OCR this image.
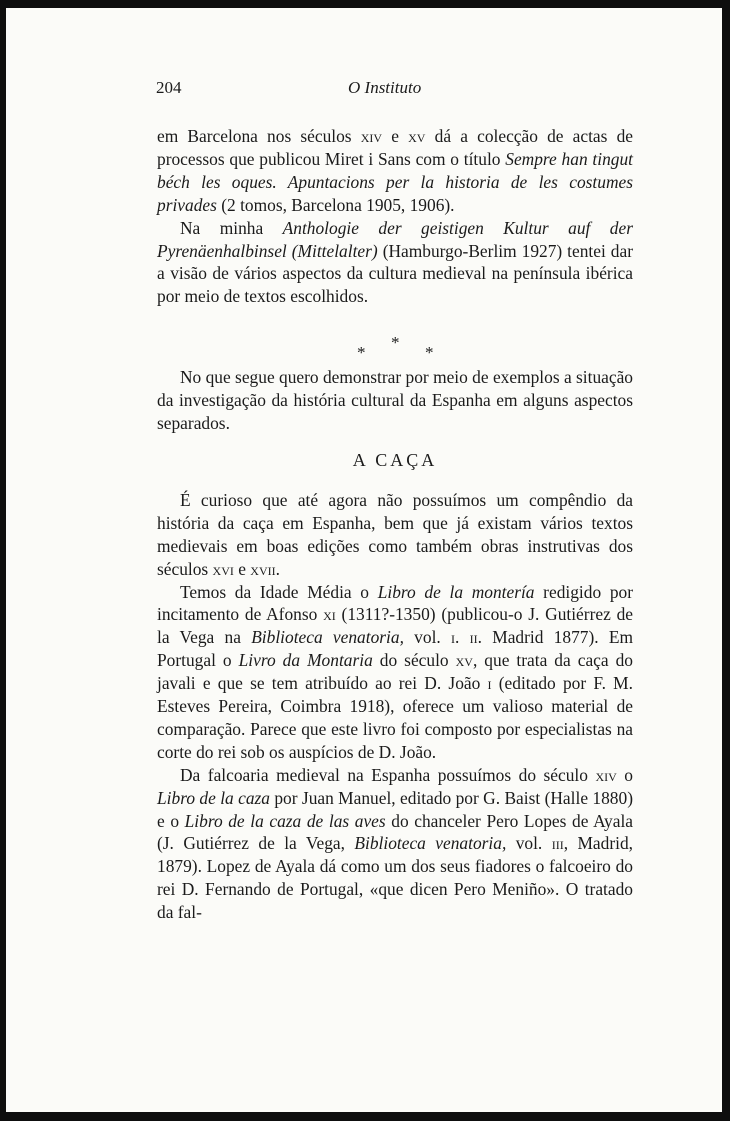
204	O Instituto

em Barcelona nos séculos xiv e xv dá a colecção de actas de processos que publicou Miret i Sans com o título Sempre han tingut béch les oques. Apuntacions per la historia de les costumes privades (2 tomos, Barcelona 1905, 1906).

Na minha Anthologie der geistigen Kultur auf der Pyrenäenhalbinsel (Mittelalter) (Hamburgo-Berlim 1927) tentei dar a visão de vários aspectos da cultura medieval na península ibérica por meio de textos escolhidos.

*
*	*

No que segue quero demonstrar por meio de exemplos a situação da investigação da história cultural da Espanha em alguns aspectos separados.

A CAÇA

É curioso que até agora não possuímos um compêndio da história da caça em Espanha, bem que já existam vários textos medievais em boas edições como também obras instrutivas dos séculos xvi e xvii.

Temos da Idade Média o Libro de la montería redigido por incitamento de Afonso xi (1311?-1350) (publicou-o J. Gutiérrez de la Vega na Biblioteca venatoria, vol. i. ii. Madrid 1877). Em Portugal o Livro da Montaria do século xv, que trata da caça do javali e que se tem atribuído ao rei D. João i (editado por F. M. Esteves Pereira, Coimbra 1918), oferece um valioso material de comparação. Parece que este livro foi composto por especialistas na corte do rei sob os auspícios de D. João.

Da falcoaria medieval na Espanha possuímos do século xiv o Libro de la caza por Juan Manuel, editado por G. Baist (Halle 1880) e o Libro de la caza de las aves do chanceler Pero Lopes de Ayala (J. Gutiérrez de la Vega, Biblioteca venatoria, vol. iii, Madrid, 1879). Lopez de Ayala dá como um dos seus fiadores o falcoeiro do rei D. Fernando de Portugal, «que dicen Pero Meniño». O tratado da fal-
